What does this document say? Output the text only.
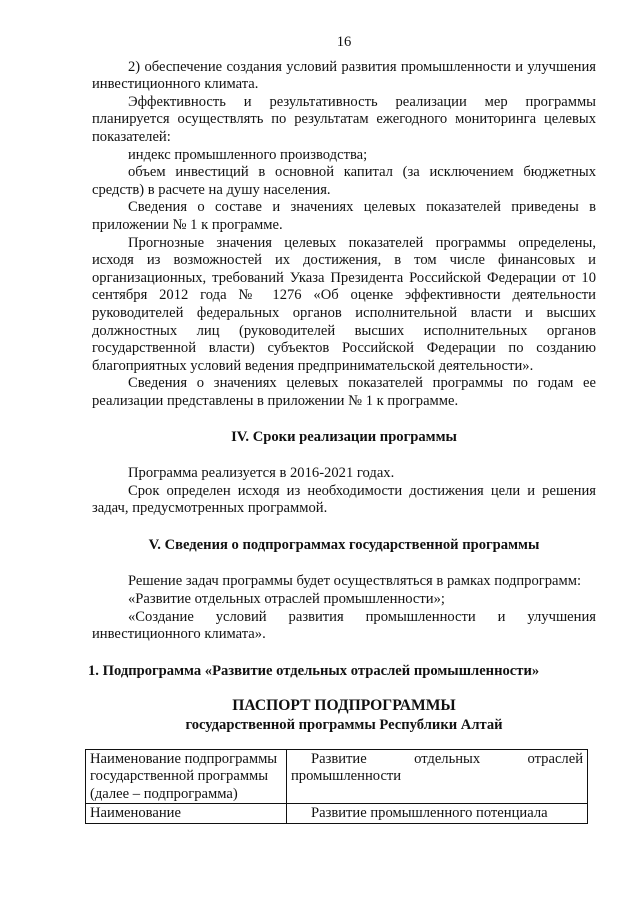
16

2) обеспечение создания условий развития промышленности и улучшения инвестиционного климата.

Эффективность и результативность реализации мер программы планируется осуществлять по результатам ежегодного мониторинга целевых показателей:

индекс промышленного производства;

объем инвестиций в основной капитал (за исключением бюджетных средств) в расчете на душу населения.

Сведения о составе и значениях целевых показателей приведены в приложении № 1 к программе.

Прогнозные значения целевых показателей программы определены, исходя из возможностей их достижения, в том числе финансовых и организационных, требований Указа Президента Российской Федерации от 10 сентября 2012 года № 1276 «Об оценке эффективности деятельности руководителей федеральных органов исполнительной власти и высших должностных лиц (руководителей высших исполнительных органов государственной власти) субъектов Российской Федерации по созданию благоприятных условий ведения предпринимательской деятельности».

Сведения о значениях целевых показателей программы по годам ее реализации представлены в приложении № 1 к программе.

IV. Сроки реализации программы

Программа реализуется в 2016-2021 годах.

Срок определен исходя из необходимости достижения цели и решения задач, предусмотренных программой.

V. Сведения о подпрограммах государственной программы

Решение задач программы будет осуществляться в рамках подпрограмм:

«Развитие отдельных отраслей промышленности»;

«Создание условий развития промышленности и улучшения инвестиционного климата».

1. Подпрограмма «Развитие отдельных отраслей промышленности»
ПАСПОРТ ПОДПРОГРАММЫ
государственной программы Республики Алтай
Наименование подпрограммы государственной программы (далее – подпрограмма)	Развитие отдельных отраслей промышленности
Наименование	Развитие промышленного потенциала
